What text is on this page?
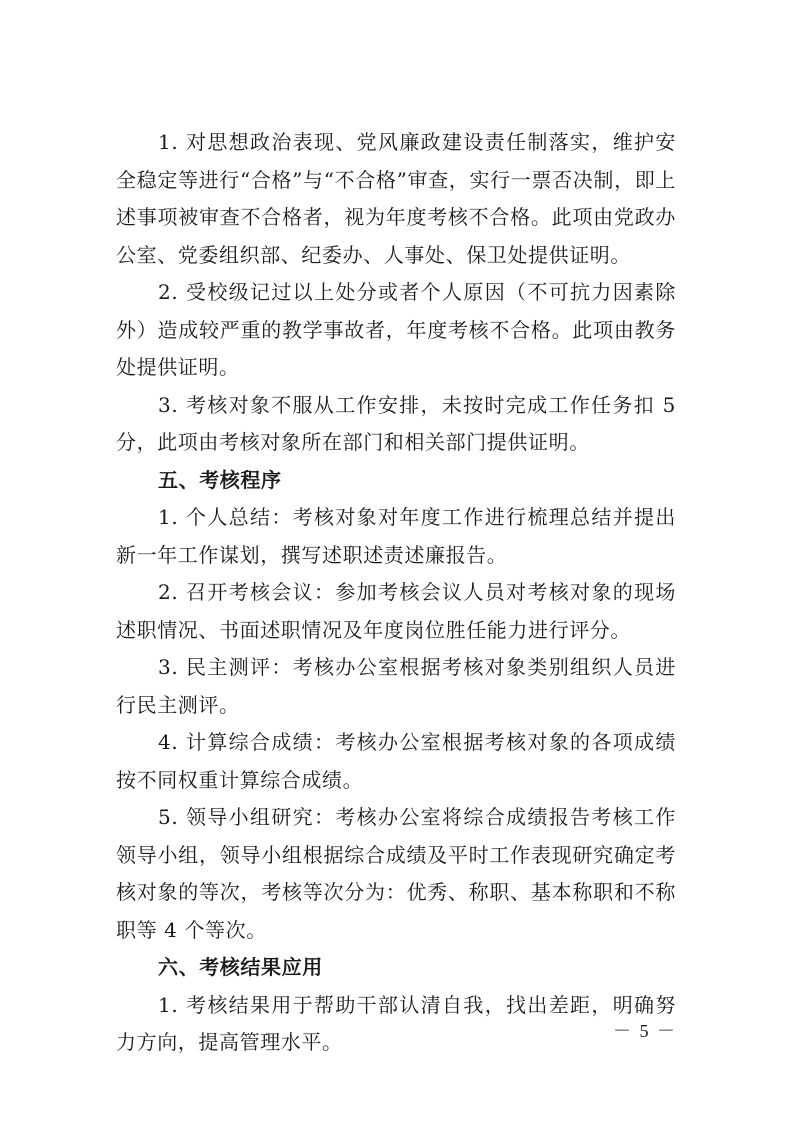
1. 对思想政治表现、党风廉政建设责任制落实，维护安全稳定等进行“合格”与“不合格”审查，实行一票否决制，即上述事项被审查不合格者，视为年度考核不合格。此项由党政办公室、党委组织部、纪委办、人事处、保卫处提供证明。

2. 受校级记过以上处分或者个人原因（不可抗力因素除外）造成较严重的教学事故者，年度考核不合格。此项由教务处提供证明。

3. 考核对象不服从工作安排，未按时完成工作任务扣 5 分，此项由考核对象所在部门和相关部门提供证明。

五、考核程序

1. 个人总结：考核对象对年度工作进行梳理总结并提出新一年工作谋划，撰写述职述责述廉报告。

2. 召开考核会议：参加考核会议人员对考核对象的现场述职情况、书面述职情况及年度岗位胜任能力进行评分。

3. 民主测评：考核办公室根据考核对象类别组织人员进行民主测评。

4. 计算综合成绩：考核办公室根据考核对象的各项成绩按不同权重计算综合成绩。

5. 领导小组研究：考核办公室将综合成绩报告考核工作领导小组，领导小组根据综合成绩及平时工作表现研究确定考核对象的等次，考核等次分为：优秀、称职、基本称职和不称职等 4 个等次。

六、考核结果应用

1. 考核结果用于帮助干部认清自我，找出差距，明确努力方向，提高管理水平。	－ 5 －
